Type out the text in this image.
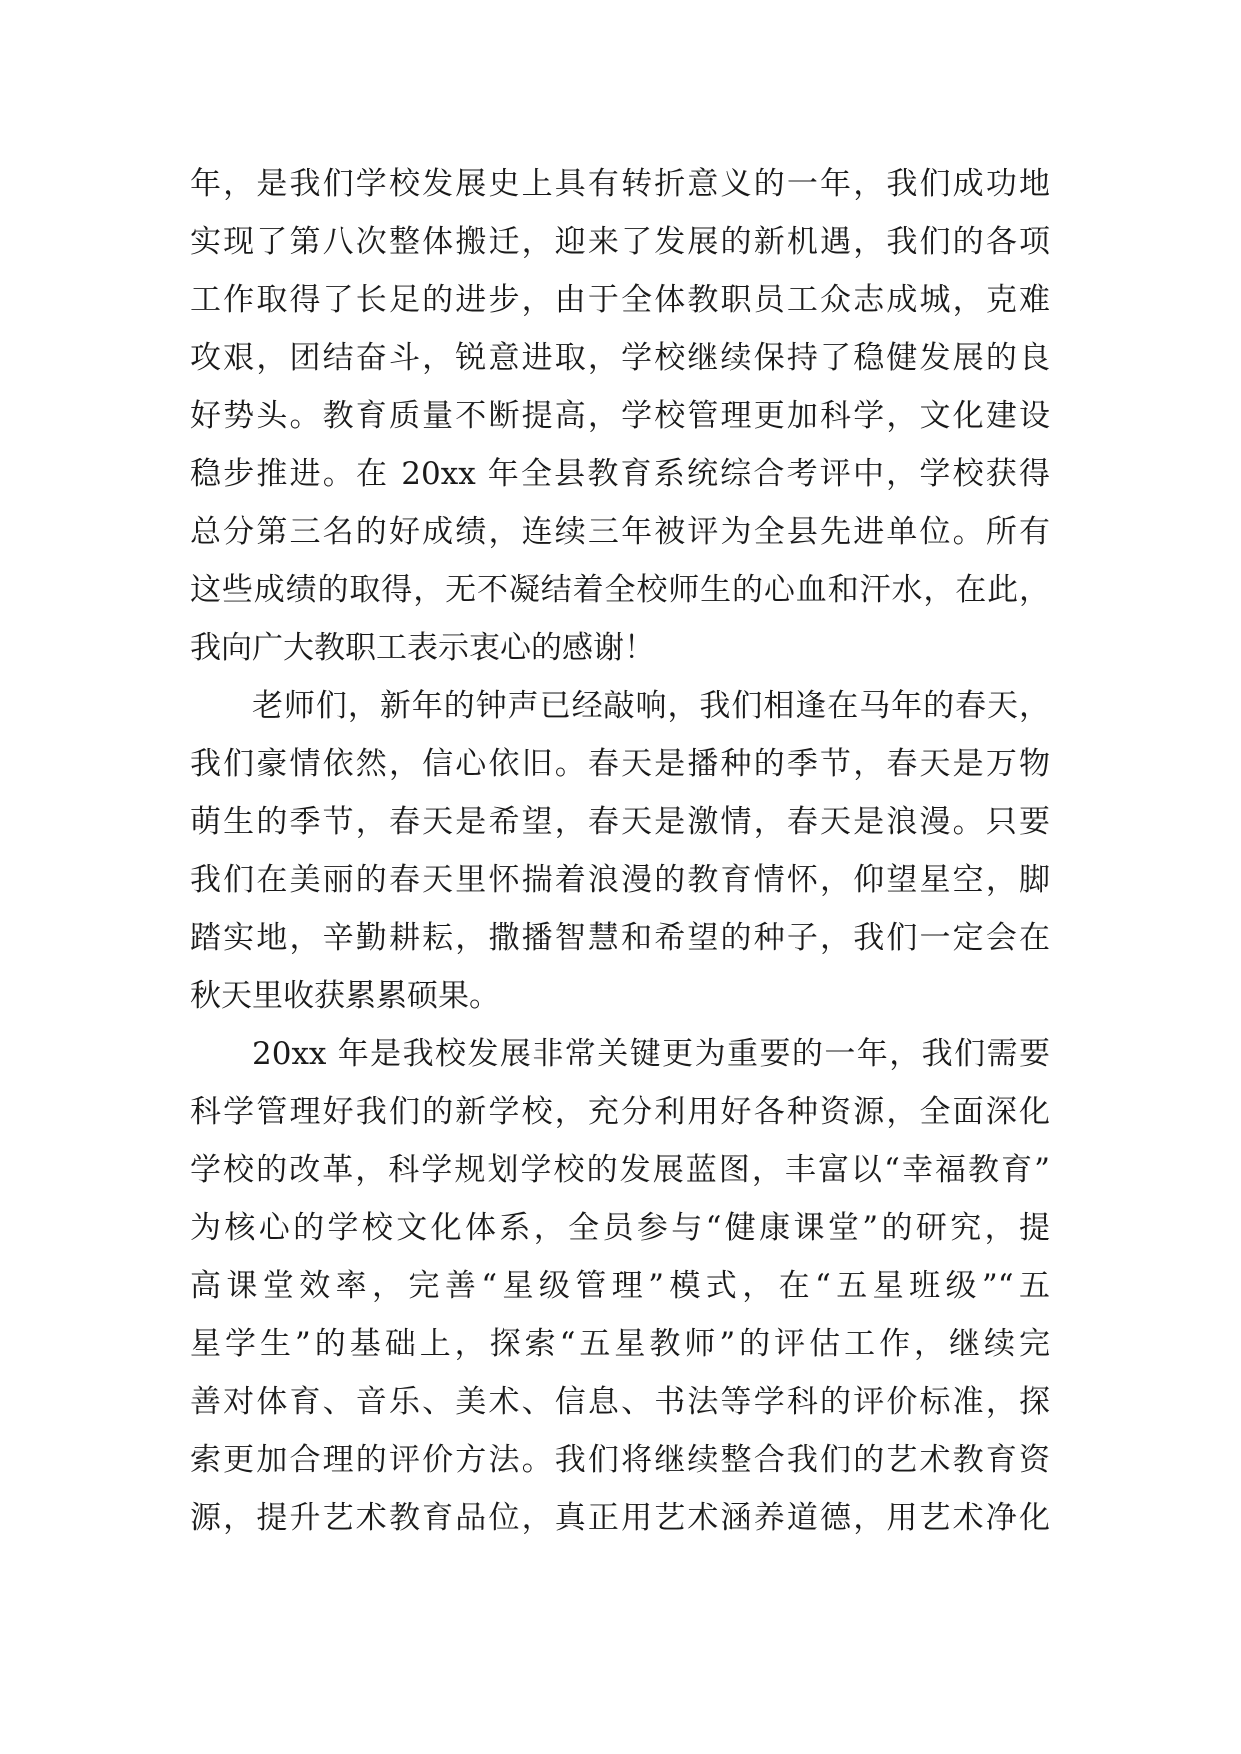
年，是我们学校发展史上具有转折意义的一年，我们成功地
实现了第八次整体搬迁，迎来了发展的新机遇，我们的各项
工作取得了长足的进步，由于全体教职员工众志成城，克难
攻艰，团结奋斗，锐意进取，学校继续保持了稳健发展的良
好势头。教育质量不断提高，学校管理更加科学，文化建设
稳步推进。在 20xx 年全县教育系统综合考评中，学校获得
总分第三名的好成绩，连续三年被评为全县先进单位。所有
这些成绩的取得，无不凝结着全校师生的心血和汗水，在此，
我向广大教职工表示衷心的感谢！
老师们，新年的钟声已经敲响，我们相逢在马年的春天，
我们豪情依然，信心依旧。春天是播种的季节，春天是万物
萌生的季节，春天是希望，春天是激情，春天是浪漫。只要
我们在美丽的春天里怀揣着浪漫的教育情怀，仰望星空，脚
踏实地，辛勤耕耘，撒播智慧和希望的种子，我们一定会在
秋天里收获累累硕果。
20xx 年是我校发展非常关键更为重要的一年，我们需要
科学管理好我们的新学校，充分利用好各种资源，全面深化
学校的改革，科学规划学校的发展蓝图，丰富以“幸福教育”
为核心的学校文化体系，全员参与“健康课堂”的研究，提
高课堂效率，完善“星级管理”模式，在“五星班级”“五
星学生”的基础上，探索“五星教师”的评估工作，继续完
善对体育、音乐、美术、信息、书法等学科的评价标准，探
索更加合理的评价方法。我们将继续整合我们的艺术教育资
源，提升艺术教育品位，真正用艺术涵养道德，用艺术净化
